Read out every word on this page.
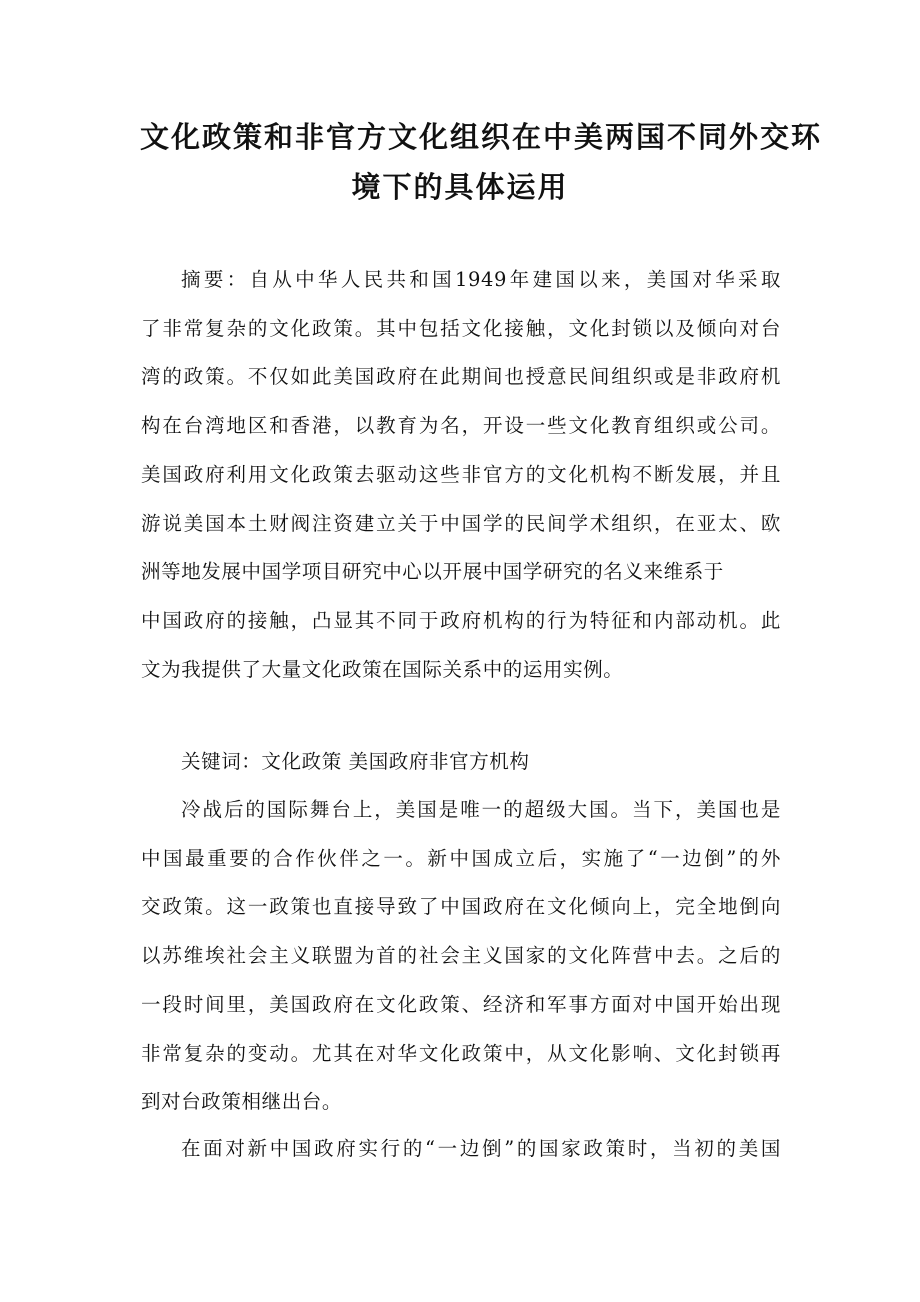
文化政策和非官方文化组织在中美两国不同外交环
境下的具体运用
摘要：自从中华人民共和国1949年建国以来，美国对华采取
了非常复杂的文化政策。其中包括文化接触，文化封锁以及倾向对台
湾的政策。不仅如此美国政府在此期间也授意民间组织或是非政府机
构在台湾地区和香港，以教育为名，开设一些文化教育组织或公司。
美国政府利用文化政策去驱动这些非官方的文化机构不断发展，并且
游说美国本土财阀注资建立关于中国学的民间学术组织，在亚太、欧
洲等地发展中国学项目研究中心以开展中国学研究的名义来维系于
中国政府的接触，凸显其不同于政府机构的行为特征和内部动机。此
文为我提供了大量文化政策在国际关系中的运用实例。
关键词：文化政策 美国政府非官方机构
冷战后的国际舞台上，美国是唯一的超级大国。当下，美国也是
中国最重要的合作伙伴之一。新中国成立后，实施了“一边倒”的外
交政策。这一政策也直接导致了中国政府在文化倾向上，完全地倒向
以苏维埃社会主义联盟为首的社会主义国家的文化阵营中去。之后的
一段时间里，美国政府在文化政策、经济和军事方面对中国开始出现
非常复杂的变动。尤其在对华文化政策中，从文化影响、文化封锁再
到对台政策相继出台。
在面对新中国政府实行的“一边倒”的国家政策时，当初的美国
